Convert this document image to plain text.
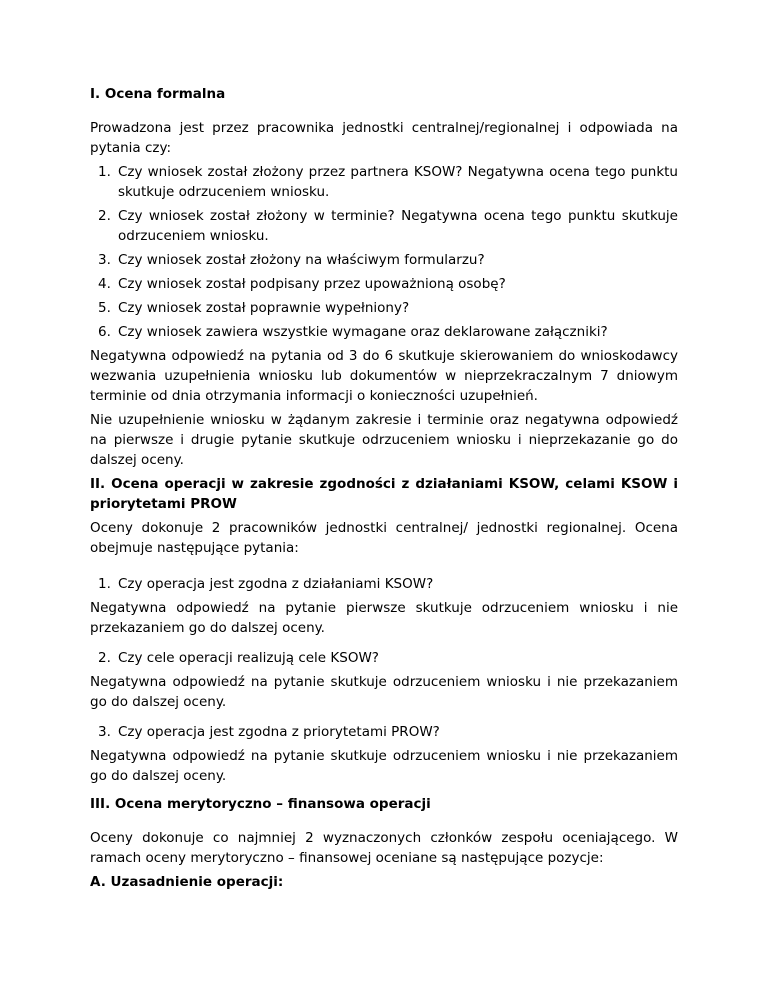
I. Ocena formalna

Prowadzona jest przez pracownika jednostki centralnej/regionalnej i odpowiada na pytania czy:

1. Czy wniosek został złożony przez partnera KSOW? Negatywna ocena tego punktu skutkuje odrzuceniem wniosku.
2. Czy wniosek został złożony w terminie? Negatywna ocena tego punktu skutkuje odrzuceniem wniosku.
3. Czy wniosek został złożony na właściwym formularzu?
4. Czy wniosek został podpisany przez upoważnioną osobę?
5. Czy wniosek został poprawnie wypełniony?
6. Czy wniosek zawiera wszystkie wymagane oraz deklarowane załączniki?

Negatywna odpowiedź na pytania od 3 do 6 skutkuje skierowaniem do wnioskodawcy wezwania uzupełnienia wniosku lub dokumentów w nieprzekraczalnym 7 dniowym terminie od dnia otrzymania informacji o konieczności uzupełnień.

Nie uzupełnienie wniosku w żądanym zakresie i terminie oraz negatywna odpowiedź na pierwsze i drugie pytanie skutkuje odrzuceniem wniosku i nieprzekazanie go do dalszej oceny.

II. Ocena operacji w zakresie zgodności z działaniami KSOW, celami KSOW i priorytetami PROW

Oceny dokonuje 2 pracowników jednostki centralnej/ jednostki regionalnej. Ocena obejmuje następujące pytania:

1. Czy operacja jest zgodna z działaniami KSOW?

Negatywna odpowiedź na pytanie pierwsze skutkuje odrzuceniem wniosku i nie przekazaniem go do dalszej oceny.

2. Czy cele operacji realizują cele KSOW?

Negatywna odpowiedź na pytanie skutkuje odrzuceniem wniosku i nie przekazaniem go do dalszej oceny.

3. Czy operacja jest zgodna z priorytetami PROW?

Negatywna odpowiedź na pytanie skutkuje odrzuceniem wniosku i nie przekazaniem go do dalszej oceny.

III. Ocena merytoryczno – finansowa operacji

Oceny dokonuje co najmniej 2 wyznaczonych członków zespołu oceniającego. W ramach oceny merytoryczno – finansowej oceniane są następujące pozycje:

A. Uzasadnienie operacji:
